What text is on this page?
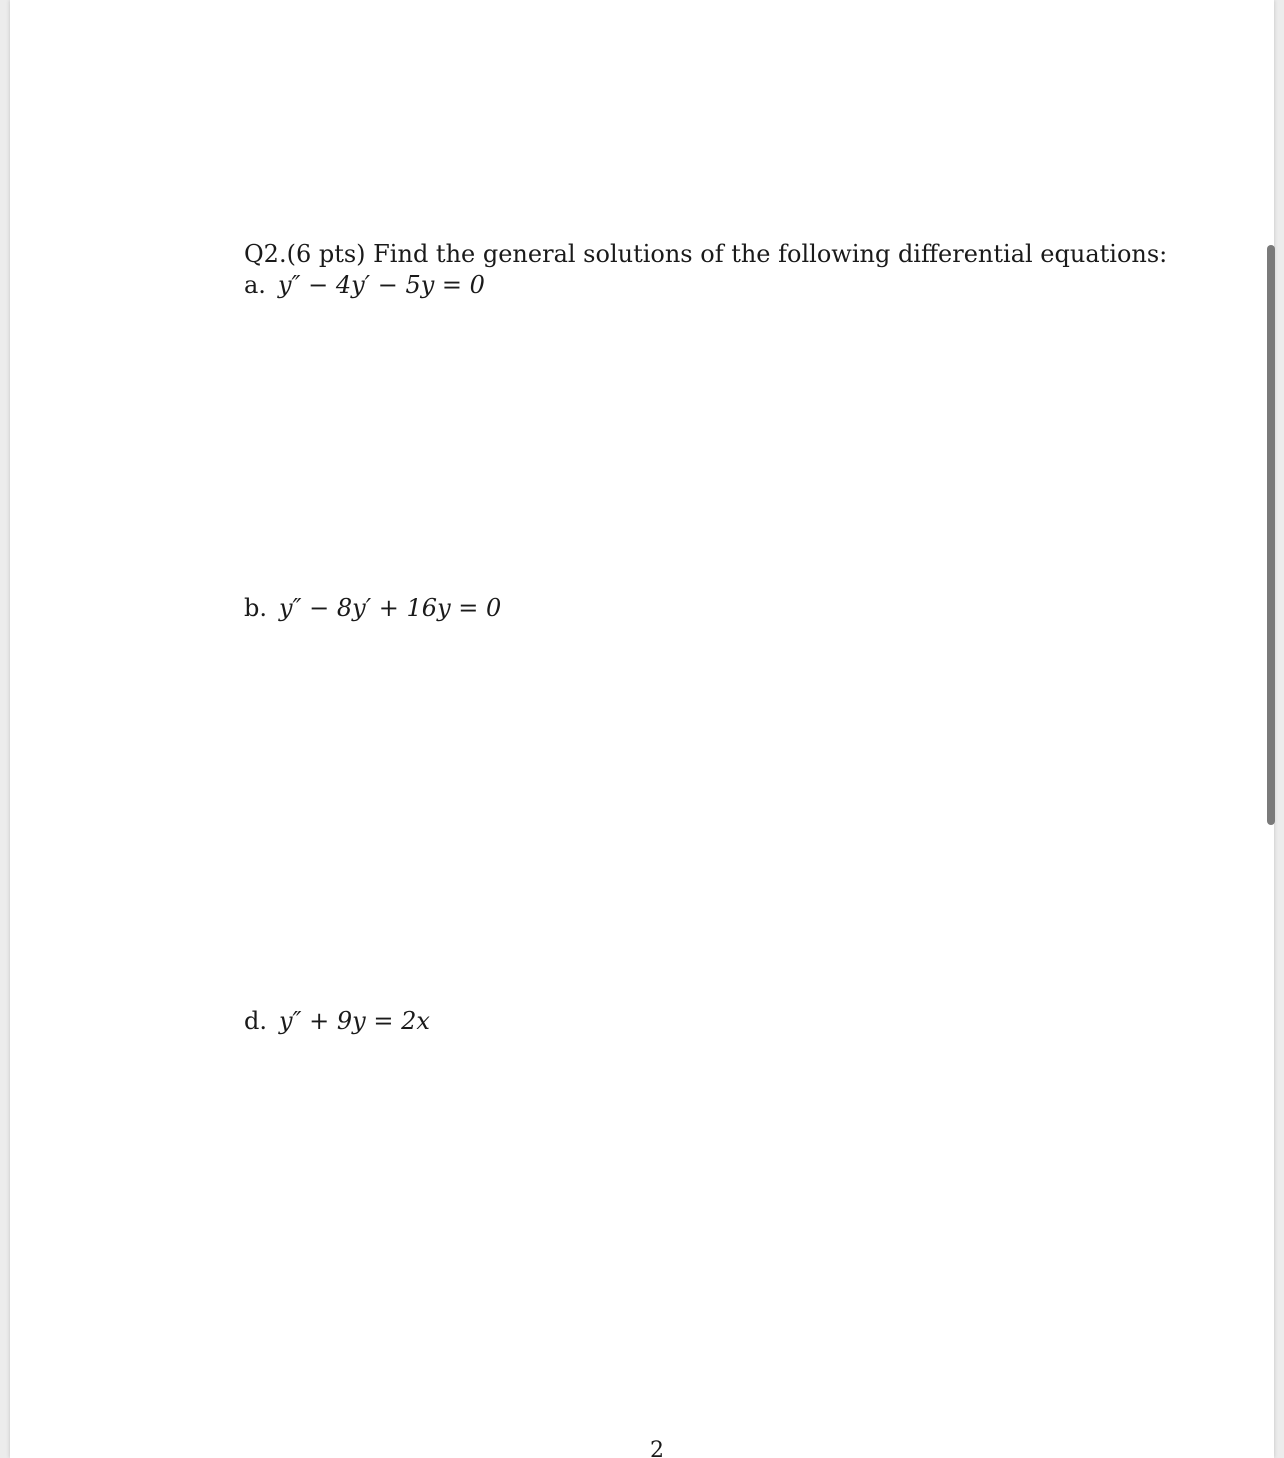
Q2.(6 pts) Find the general solutions of the following differential equations:
a. y″ − 4y′ − 5y = 0
b. y″ − 8y′ + 16y = 0
d. y″ + 9y = 2x
2
